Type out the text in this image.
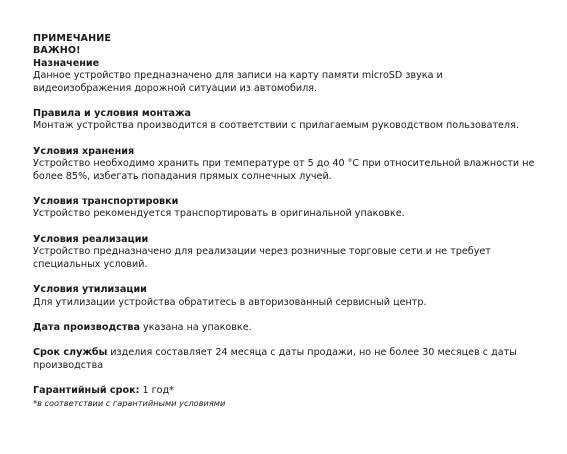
ПРИМЕЧАНИЕ
ВАЖНО!
Назначение

Данное устройство предназначено для записи на карту памяти microSD звука и видеоизображения дорожной ситуации из автомобиля.

Правила и условия монтажа

Монтаж устройства производится в соответствии с прилагаемым руководством пользователя.

Условия хранения

Устройство необходимо хранить при температуре от 5 до 40 °С при относительной влажности не более 85%, избегать попадания прямых солнечных лучей.

Условия транспортировки

Устройство рекомендуется транспортировать в оригинальной упаковке.

Условия реализации

Устройство предназначено для реализации через розничные торговые сети и не требует специальных условий.

Условия утилизации

Для утилизации устройства обратитесь в авторизованный сервисный центр.

Дата производства указана на упаковке.

Срок службы изделия составляет 24 месяца с даты продажи, но не более 30 месяцев с даты производства

Гарантийный срок: 1 год*

*в соответствии с гарантийными условиями
